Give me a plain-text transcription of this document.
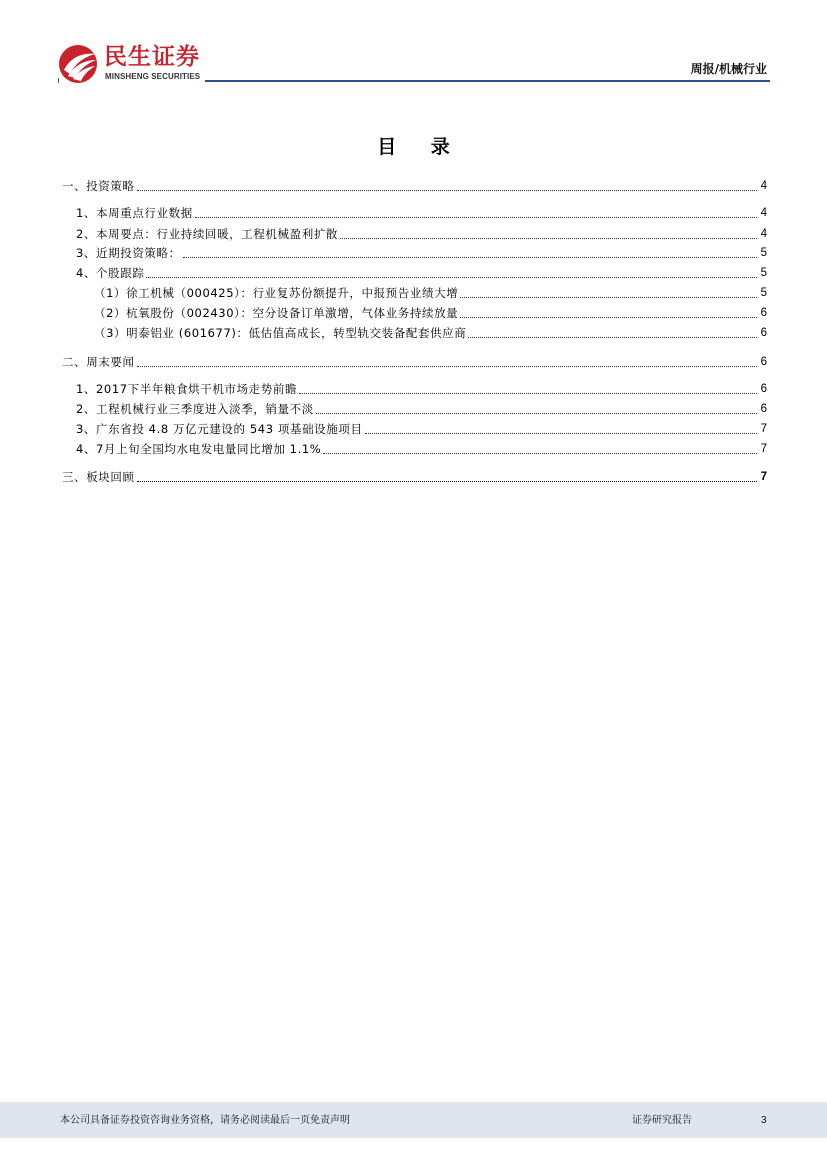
民生证券
MINSHENG SECURITIES
周报/机械行业
目 录
一、投资策略	4
1、本周重点行业数据	4
2、本周要点：行业持续回暖，工程机械盈利扩散	4
3、近期投资策略：	5
4、个股跟踪	5
（1）徐工机械（000425）：行业复苏份额提升，中报预告业绩大增	5
（2）杭氧股份（002430）：空分设备订单激增，气体业务持续放量	6
（3）明泰铝业 (601677)：低估值高成长，转型轨交装备配套供应商	6
二、周末要闻	6
1、2017下半年粮食烘干机市场走势前瞻	6
2、工程机械行业三季度进入淡季，销量不淡	6
3、广东省投 4.8 万亿元建设的 543 项基础设施项目	7
4、7月上旬全国均水电发电量同比增加 1.1%	7
三、板块回顾	7
本公司具备证券投资咨询业务资格，请务必阅读最后一页免责声明	证券研究报告	3
